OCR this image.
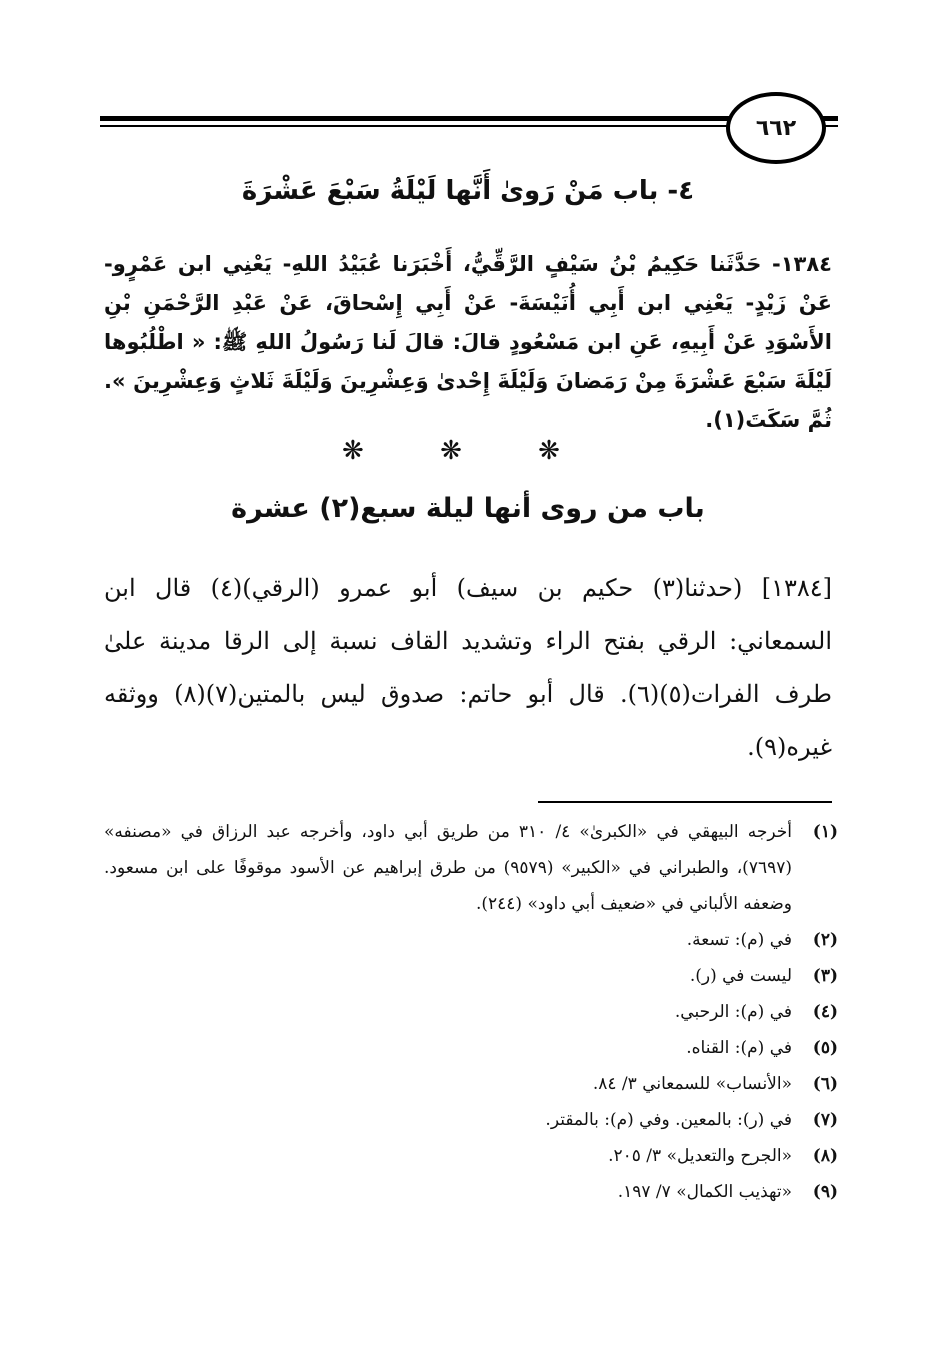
٦٦٢
٤- باب مَنْ رَوىٰ أَنَّها لَيْلَةُ سَبْعَ عَشْرَةَ
١٣٨٤- حَدَّثَنا حَكِيمُ بْنُ سَيْفٍ الرَّقِّيُّ، أَخْبَرَنا عُبَيْدُ اللهِ- يَعْنِي ابن عَمْرٍو- عَنْ زَيْدٍ- يَعْنِي ابن أَبِي أُنَيْسَةَ- عَنْ أَبِي إِسْحاقَ، عَنْ عَبْدِ الرَّحْمَنِ بْنِ الأَسْوَدِ عَنْ أَبِيهِ، عَنِ ابن مَسْعُودٍ قالَ: قالَ لَنا رَسُولُ اللهِ ﷺ: « اطْلُبُوها لَيْلَةَ سَبْعَ عَشْرَةَ مِنْ رَمَضانَ وَلَيْلَةَ إِحْدىٰ وَعِشْرِينَ وَلَيْلَةَ ثَلاثٍ وَعِشْرِينَ ». ثُمَّ سَكَتَ(١).
❋ ❋ ❋
باب من روى أنها ليلة سبع(٢) عشرة
[١٣٨٤] (حدثنا(٣) حكيم بن سيف) أبو عمرو (الرقي)(٤) قال ابن السمعاني: الرقي بفتح الراء وتشديد القاف نسبة إلى الرقا مدينة علىٰ طرف الفرات(٥)(٦). قال أبو حاتم: صدوق ليس بالمتين(٧)(٨) ووثقه غيره(٩).
(١)
أخرجه البيهقي في «الكبرىٰ» ٤/ ٣١٠ من طريق أبي داود، وأخرجه عبد الرزاق في «مصنفه» (٧٦٩٧)، والطبراني في «الكبير» (٩٥٧٩) من طرق إبراهيم عن الأسود موقوفًا على ابن مسعود. وضعفه الألباني في «ضعيف أبي داود» (٢٤٤).
(٢)
في (م): تسعة.
(٣)
ليست في (ر).
(٤)
في (م): الرحبي.
(٥)
في (م): القناه.
(٦)
«الأنساب» للسمعاني ٣/ ٨٤.
(٧)
في (ر): بالمعين. وفي (م): بالمقتر.
(٨)
«الجرح والتعديل» ٣/ ٢٠٥.
(٩)
«تهذيب الكمال» ٧/ ١٩٧.
